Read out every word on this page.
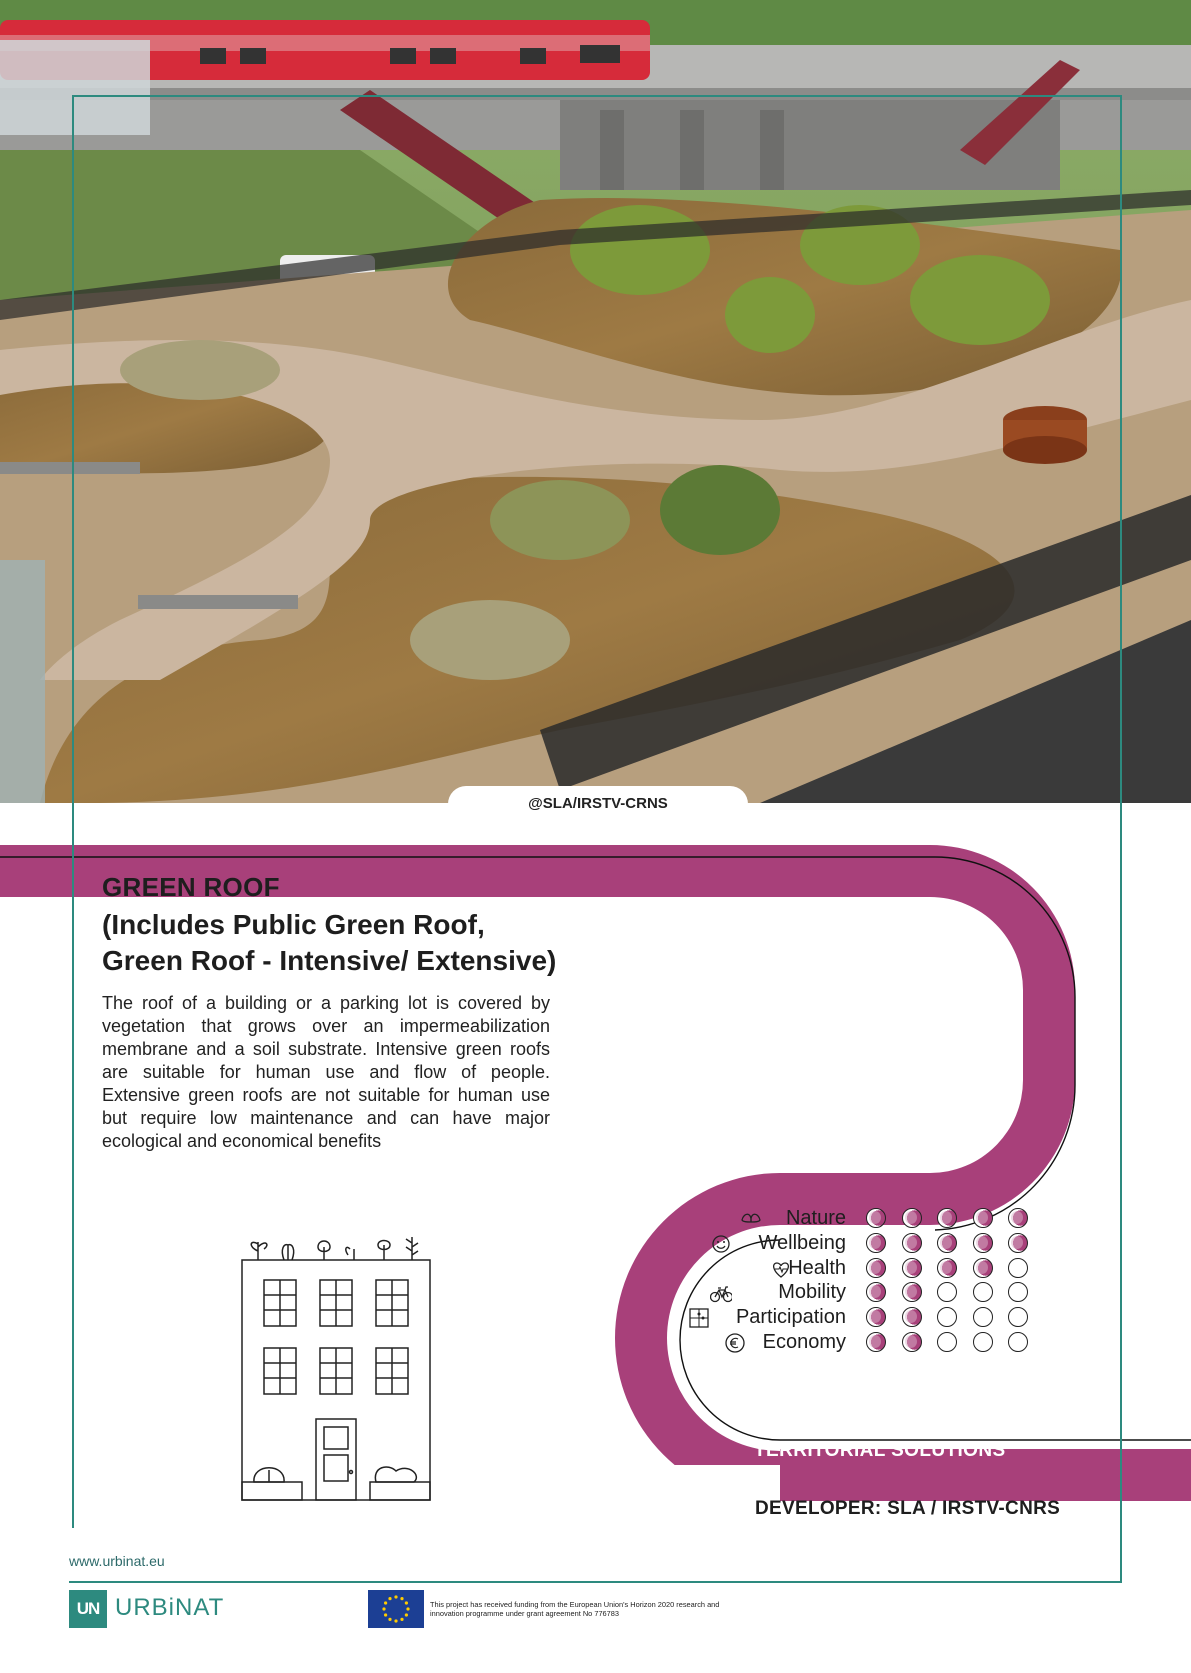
@SLA/IRSTV-CRNS
GREEN ROOF
(Includes Public Green Roof,
Green Roof - Intensive/ Extensive)
The roof of a building or a parking lot is covered by vegetation that grows over an impermeabilization membrane and a soil substrate. Intensive green roofs are suitable for human use and flow of people. Extensive green roofs are not suitable for human use but require low maintenance and can have major ecological and economical benefits
SCORE IMPACT
TERRITORIAL SOLUTIONS
Nature
Wellbeing
Health
Mobility
Participation
Economy
DEVELOPER: SLA / IRSTV-CNRS
www.urbinat.eu
UN URBiNAT	This project has received funding from the European Union's Horizon 2020 research and innovation programme under grant agreement No 776783
